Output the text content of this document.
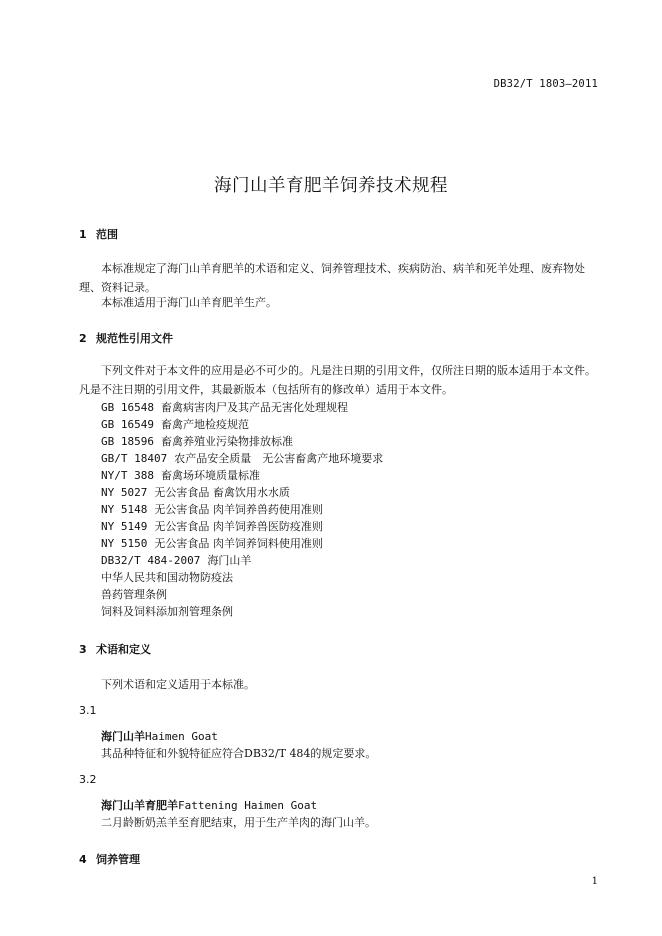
DB32/T 1803—2011
海门山羊育肥羊饲养技术规程
1 范围
本标准规定了海门山羊育肥羊的术语和定义、饲养管理技术、疾病防治、病羊和死羊处理、废弃物处理、资料记录。
本标准适用于海门山羊育肥羊生产。
2 规范性引用文件
下列文件对于本文件的应用是必不可少的。凡是注日期的引用文件，仅所注日期的版本适用于本文件。凡是不注日期的引用文件，其最新版本（包括所有的修改单）适用于本文件。
GB 16548 畜禽病害肉尸及其产品无害化处理规程
GB 16549 畜禽产地检疫规范
GB 18596 畜禽养殖业污染物排放标准
GB/T 18407 农产品安全质量　无公害畜禽产地环境要求
NY/T 388 畜禽场环境质量标准
NY 5027 无公害食品 畜禽饮用水水质
NY 5148 无公害食品 肉羊饲养兽药使用准则
NY 5149 无公害食品 肉羊饲养兽医防疫准则
NY 5150 无公害食品 肉羊饲养饲料使用准则
DB32/T 484-2007 海门山羊
中华人民共和国动物防疫法
兽药管理条例
饲料及饲料添加剂管理条例
3 术语和定义
下列术语和定义适用于本标准。
3.1
海门山羊Haimen Goat
其品种特征和外貌特征应符合DB32/T 484的规定要求。
3.2
海门山羊育肥羊Fattening Haimen Goat
二月龄断奶羔羊至育肥结束，用于生产羊肉的海门山羊。
4 饲养管理
1
